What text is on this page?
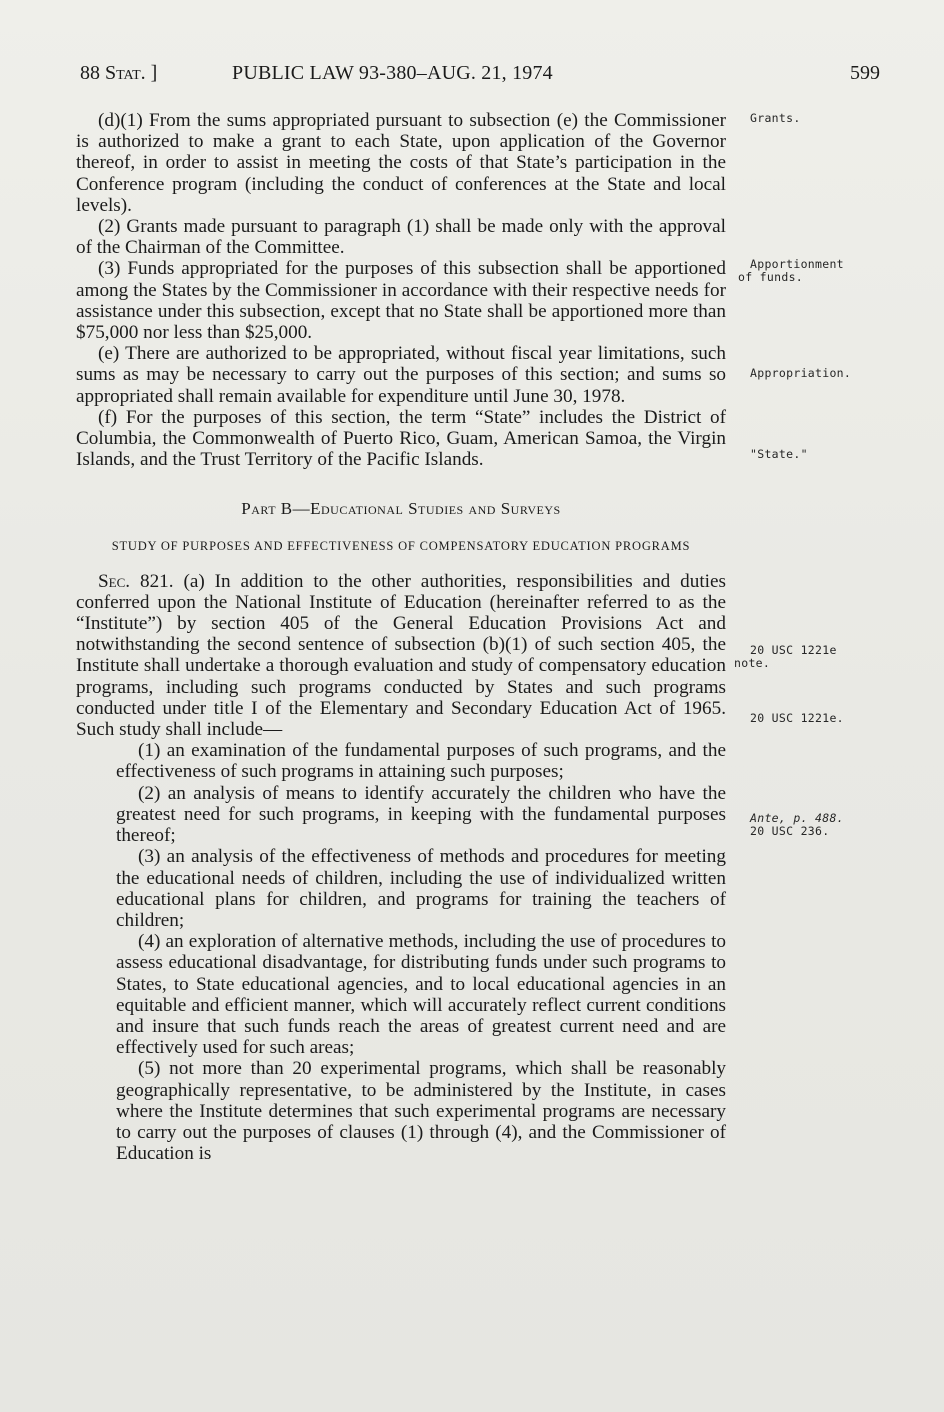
88 Stat. ]	PUBLIC LAW 93-380–AUG. 21, 1974	599

(d)(1) From the sums appropriated pursuant to subsection (e) the Commissioner is authorized to make a grant to each State, upon application of the Governor thereof, in order to assist in meeting the costs of that State’s participation in the Conference program (including the conduct of conferences at the State and local levels).

(2) Grants made pursuant to paragraph (1) shall be made only with the approval of the Chairman of the Committee.

(3) Funds appropriated for the purposes of this subsection shall be apportioned among the States by the Commissioner in accordance with their respective needs for assistance under this subsection, except that no State shall be apportioned more than $75,000 nor less than $25,000.

(e) There are authorized to be appropriated, without fiscal year limitations, such sums as may be necessary to carry out the purposes of this section; and sums so appropriated shall remain available for expenditure until June 30, 1978.

(f) For the purposes of this section, the term “State” includes the District of Columbia, the Commonwealth of Puerto Rico, Guam, American Samoa, the Virgin Islands, and the Trust Territory of the Pacific Islands.

Part B—Educational Studies and Surveys
STUDY OF PURPOSES AND EFFECTIVENESS OF COMPENSATORY EDUCATION PROGRAMS

Sec. 821. (a) In addition to the other authorities, responsibilities and duties conferred upon the National Institute of Education (hereinafter referred to as the “Institute”) by section 405 of the General Education Provisions Act and notwithstanding the second sentence of subsection (b)(1) of such section 405, the Institute shall undertake a thorough evaluation and study of compensatory education programs, including such programs conducted by States and such programs conducted under title I of the Elementary and Secondary Education Act of 1965. Such study shall include—

(1) an examination of the fundamental purposes of such programs, and the effectiveness of such programs in attaining such purposes;

(2) an analysis of means to identify accurately the children who have the greatest need for such programs, in keeping with the fundamental purposes thereof;

(3) an analysis of the effectiveness of methods and procedures for meeting the educational needs of children, including the use of individualized written educational plans for children, and programs for training the teachers of children;

(4) an exploration of alternative methods, including the use of procedures to assess educational disadvantage, for distributing funds under such programs to States, to State educational agencies, and to local educational agencies in an equitable and efficient manner, which will accurately reflect current conditions and insure that such funds reach the areas of greatest current need and are effectively used for such areas;

(5) not more than 20 experimental programs, which shall be reasonably geographically representative, to be administered by the Institute, in cases where the Institute determines that such experimental programs are necessary to carry out the purposes of clauses (1) through (4), and the Commissioner of Education is

Grants.
Apportionment
of funds.
Appropriation.
"State."
20 USC 1221e
note.
20 USC 1221e.
Ante, p. 488.
20 USC 236.
